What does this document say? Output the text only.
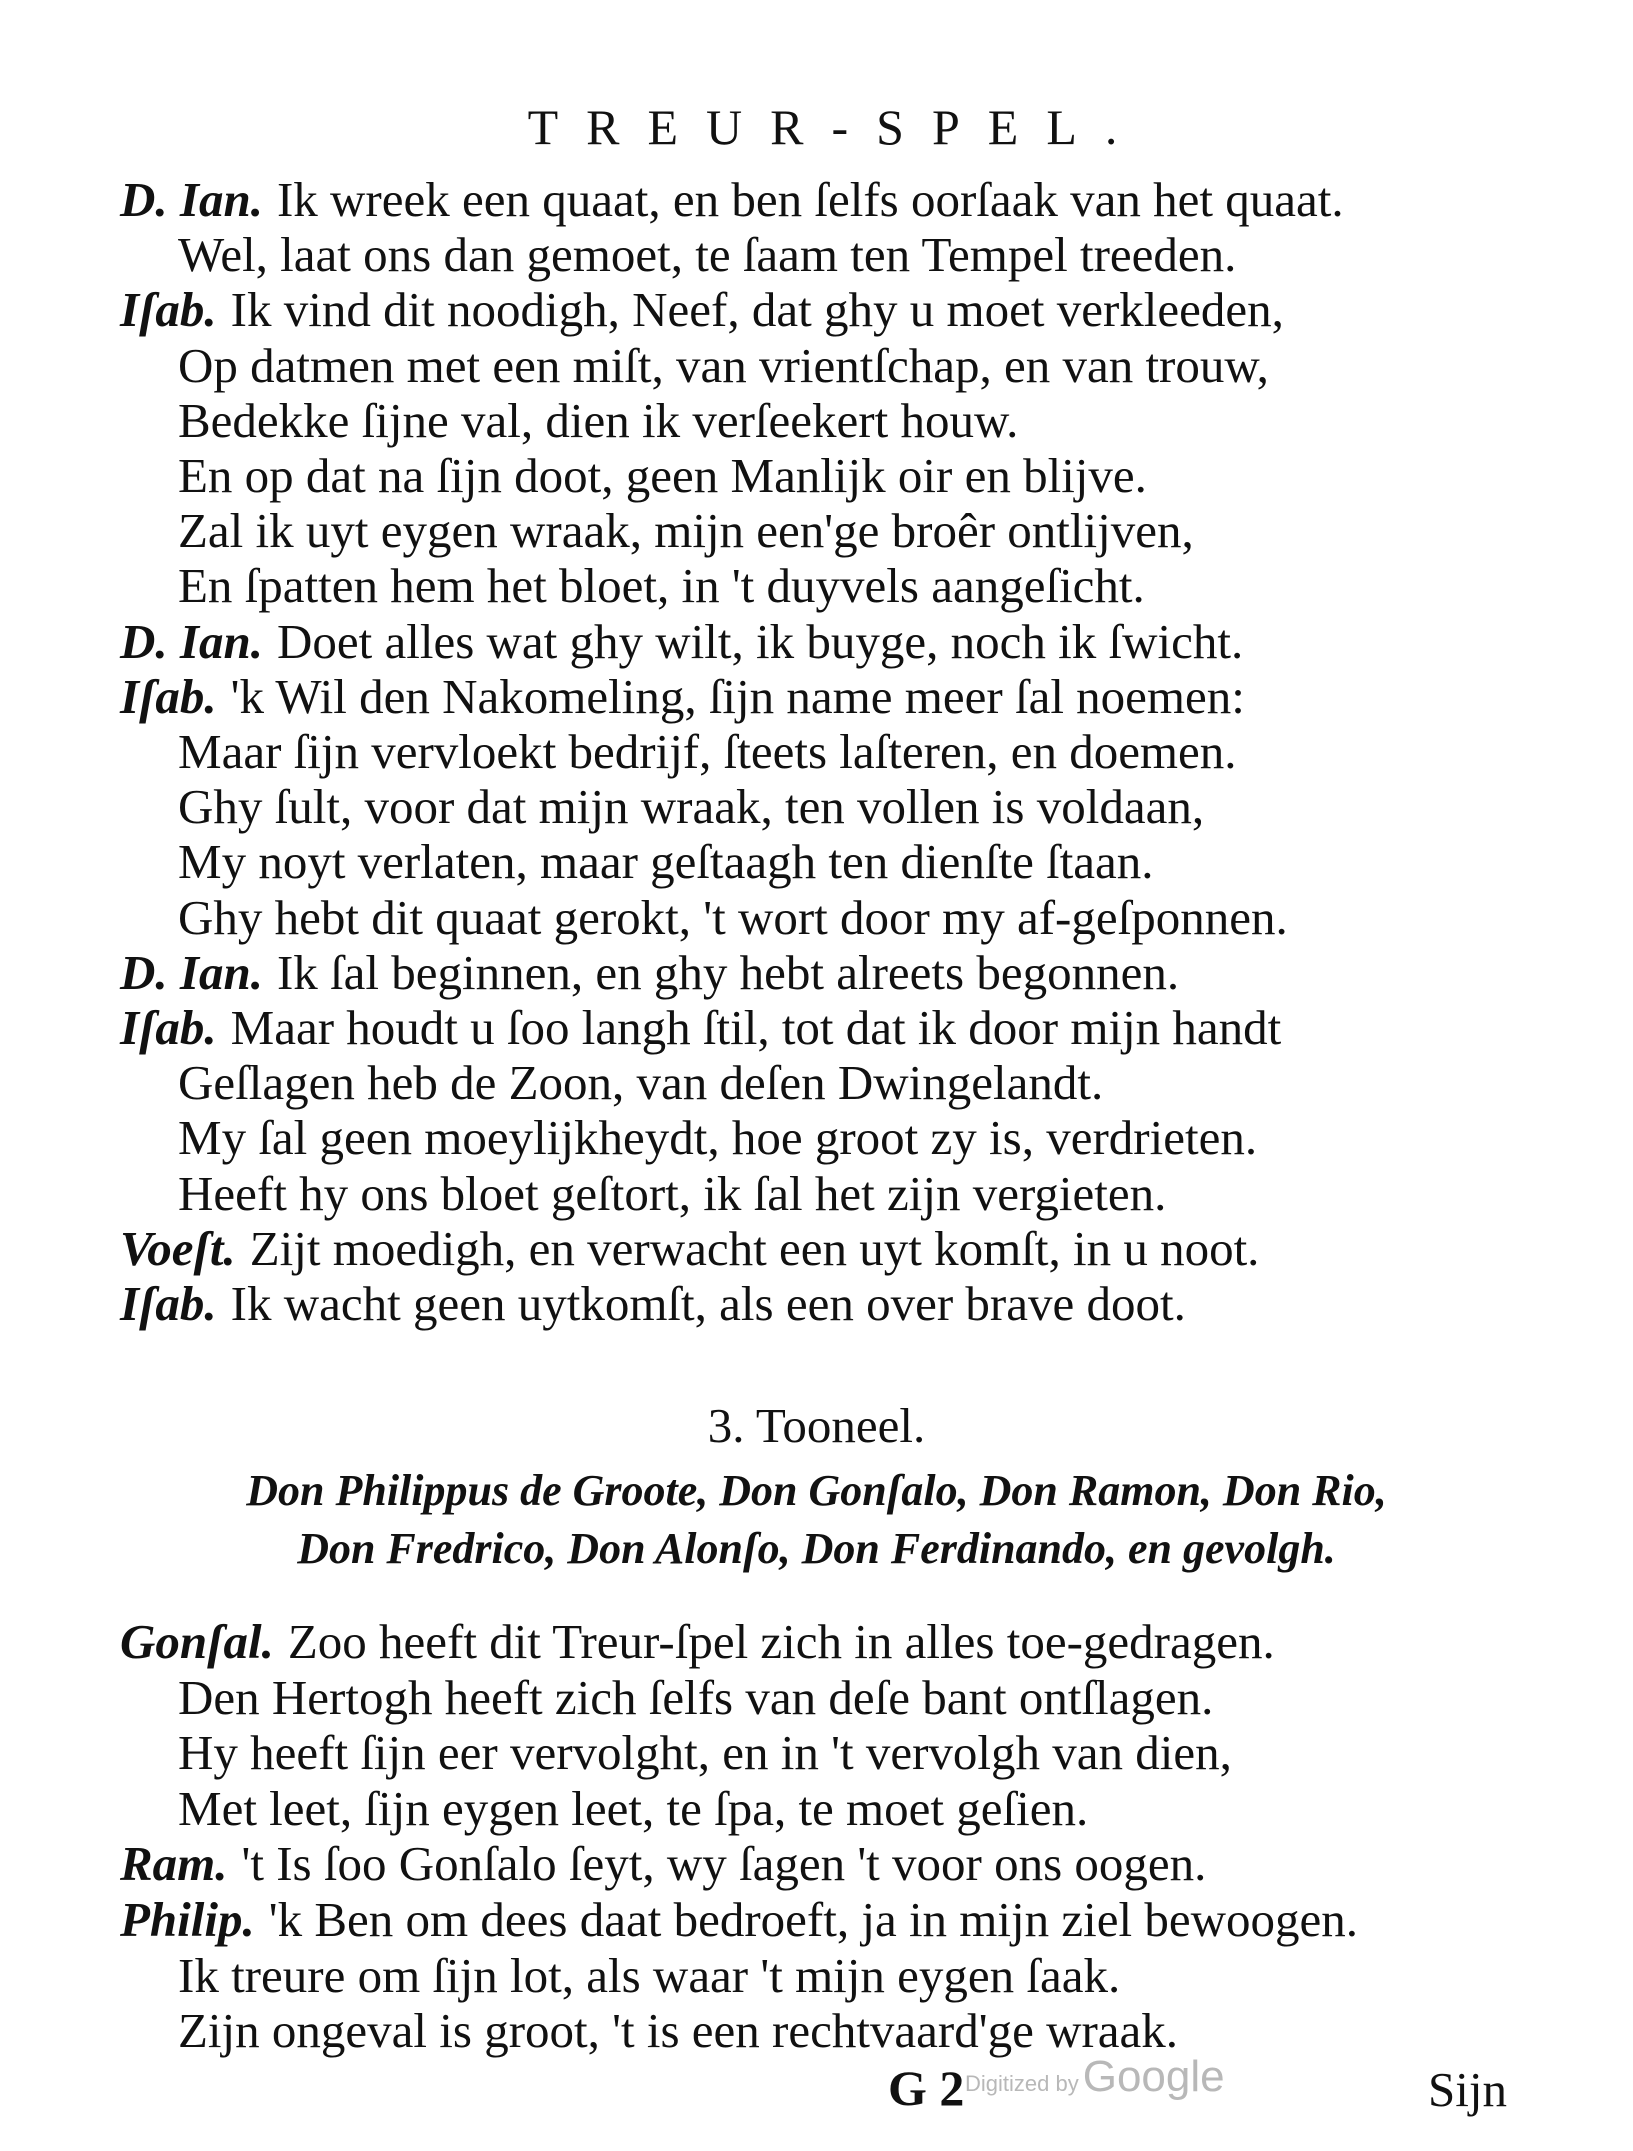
TREUR-SPEL.
D. Ian. Ik wreek een quaat, en ben ſelfs oorſaak van het quaat.
Wel, laat ons dan gemoet, te ſaam ten Tempel treeden.
Iſab. Ik vind dit noodigh, Neef, dat ghy u moet verkleeden,
Op datmen met een miſt, van vrientſchap, en van trouw,
Bedekke ſijne val, dien ik verſeekert houw.
En op dat na ſijn doot, geen Manlijk oir en blijve.
Zal ik uyt eygen wraak, mijn een'ge broêr ontlijven,
En ſpatten hem het bloet, in 't duyvels aangeſicht.
D. Ian. Doet alles wat ghy wilt, ik buyge, noch ik ſwicht.
Iſab. 'k Wil den Nakomeling, ſijn name meer ſal noemen:
Maar ſijn vervloekt bedrijf, ſteets laſteren, en doemen.
Ghy ſult, voor dat mijn wraak, ten vollen is voldaan,
My noyt verlaten, maar geſtaagh ten dienſte ſtaan.
Ghy hebt dit quaat gerokt, 't wort door my af-geſponnen.
D. Ian. Ik ſal beginnen, en ghy hebt alreets begonnen.
Iſab. Maar houdt u ſoo langh ſtil, tot dat ik door mijn handt
Geſlagen heb de Zoon, van deſen Dwingelandt.
My ſal geen moeylijkheydt, hoe groot zy is, verdrieten.
Heeft hy ons bloet geſtort, ik ſal het zijn vergieten.
Voeſt. Zijt moedigh, en verwacht een uyt komſt, in u noot.
Iſab. Ik wacht geen uytkomſt, als een over brave doot.
3. Tooneel.
Don Philippus de Groote, Don Gonſalo, Don Ramon, Don Rio,
Don Fredrico, Don Alonſo, Don Ferdinando, en gevolgh.
Gonſal. Zoo heeft dit Treur-ſpel zich in alles toe-gedragen.
Den Hertogh heeft zich ſelfs van deſe bant ontſlagen.
Hy heeft ſijn eer vervolght, en in 't vervolgh van dien,
Met leet, ſijn eygen leet, te ſpa, te moet geſien.
Ram. 't Is ſoo Gonſalo ſeyt, wy ſagen 't voor ons oogen.
Philip. 'k Ben om dees daat bedroeft, ja in mijn ziel bewoogen.
Ik treure om ſijn lot, als waar 't mijn eygen ſaak.
Zijn ongeval is groot, 't is een rechtvaard'ge wraak.
G 2 Digitized byGoogle	Sijn
